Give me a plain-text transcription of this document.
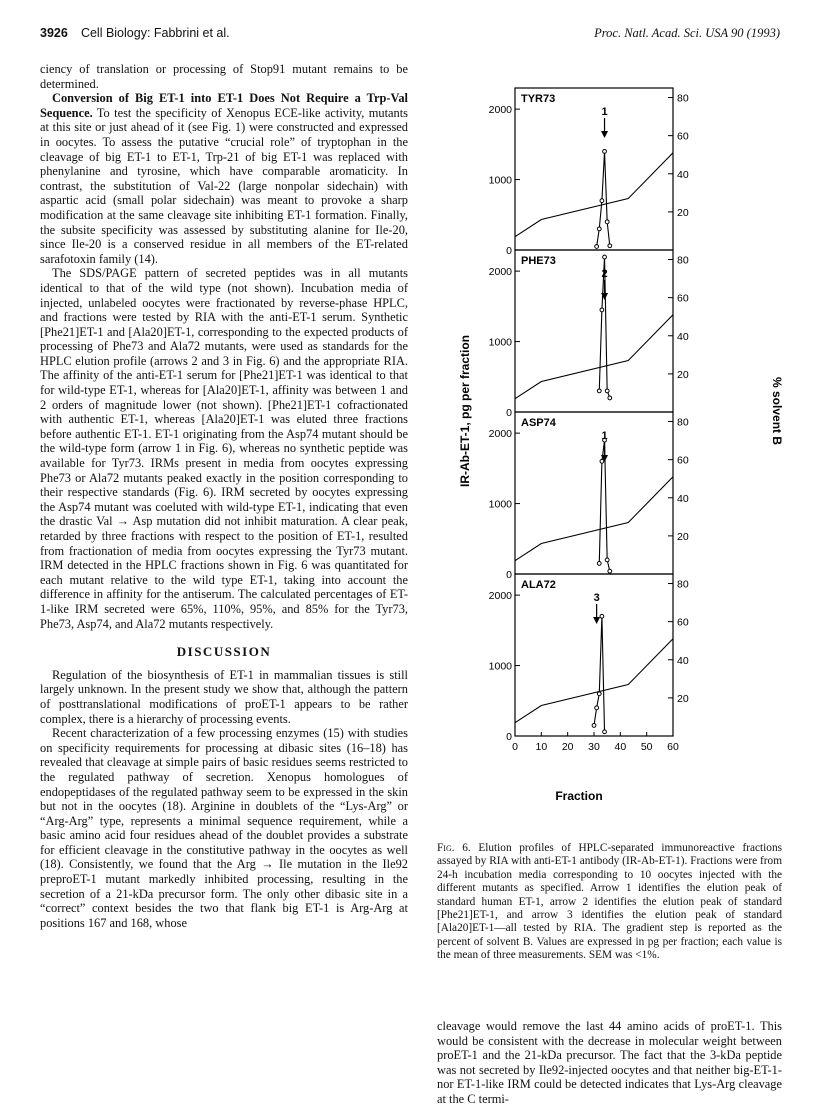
3926 Cell Biology: Fabbrini et al.	Proc. Natl. Acad. Sci. USA 90 (1993)

ciency of translation or processing of Stop91 mutant remains to be determined.

Conversion of Big ET-1 into ET-1 Does Not Require a Trp-Val Sequence. To test the specificity of Xenopus ECE-like activity, mutants at this site or just ahead of it (see Fig. 1) were constructed and expressed in oocytes. To assess the putative “crucial role” of tryptophan in the cleavage of big ET-1 to ET-1, Trp-21 of big ET-1 was replaced with phenylanine and tyrosine, which have comparable aromaticity. In contrast, the substitution of Val-22 (large nonpolar sidechain) with aspartic acid (small polar sidechain) was meant to provoke a sharp modification at the same cleavage site inhibiting ET-1 formation. Finally, the subsite specificity was assessed by substituting alanine for Ile-20, since Ile-20 is a conserved residue in all members of the ET-related sarafotoxin family (14).

The SDS/PAGE pattern of secreted peptides was in all mutants identical to that of the wild type (not shown). Incubation media of injected, unlabeled oocytes were fractionated by reverse-phase HPLC, and fractions were tested by RIA with the anti-ET-1 serum. Synthetic [Phe21]ET-1 and [Ala20]ET-1, corresponding to the expected products of processing of Phe73 and Ala72 mutants, were used as standards for the HPLC elution profile (arrows 2 and 3 in Fig. 6) and the appropriate RIA. The affinity of the anti-ET-1 serum for [Phe21]ET-1 was identical to that for wild-type ET-1, whereas for [Ala20]ET-1, affinity was between 1 and 2 orders of magnitude lower (not shown). [Phe21]ET-1 cofractionated with authentic ET-1, whereas [Ala20]ET-1 was eluted three fractions before authentic ET-1. ET-1 originating from the Asp74 mutant should be the wild-type form (arrow 1 in Fig. 6), whereas no synthetic peptide was available for Tyr73. IRMs present in media from oocytes expressing Phe73 or Ala72 mutants peaked exactly in the position corresponding to their respective standards (Fig. 6). IRM secreted by oocytes expressing the Asp74 mutant was coeluted with wild-type ET-1, indicating that even the drastic Val → Asp mutation did not inhibit maturation. A clear peak, retarded by three fractions with respect to the position of ET-1, resulted from fractionation of media from oocytes expressing the Tyr73 mutant. IRM detected in the HPLC fractions shown in Fig. 6 was quantitated for each mutant relative to the wild type ET-1, taking into account the difference in affinity for the antiserum. The calculated percentages of ET-1-like IRM secreted were 65%, 110%, 95%, and 85% for the Tyr73, Phe73, Asp74, and Ala72 mutants respectively.

DISCUSSION

Regulation of the biosynthesis of ET-1 in mammalian tissues is still largely unknown. In the present study we show that, although the pattern of posttranslational modifications of proET-1 appears to be rather complex, there is a hierarchy of processing events.

Recent characterization of a few processing enzymes (15) with studies on specificity requirements for processing at dibasic sites (16–18) has revealed that cleavage at simple pairs of basic residues seems restricted to the regulated pathway of secretion. Xenopus homologues of endopeptidases of the regulated pathway seem to be expressed in the skin but not in the oocytes (18). Arginine in doublets of the “Lys-Arg” or “Arg-Arg” type, represents a minimal sequence requirement, while a basic amino acid four residues ahead of the doublet provides a substrate for efficient cleavage in the constitutive pathway in the oocytes as well (18). Consistently, we found that the Arg → Ile mutation in the Ile92 preproET-1 mutant markedly inhibited processing, resulting in the secretion of a 21-kDa precursor form. The only other dibasic site in a “correct” context besides the two that flank big ET-1 is Arg-Arg at positions 167 and 168, whose

IR-Ab-ET-1, pg per fraction	% solvent B
Fraction
TYR73
0
1000
2000
20
40
60
80
1
PHE73
0
1000
2000
20
40
60
80
2
ASP74
0
1000
2000
20
40
60
80
1
ALA72
0
1000
2000
20
40
60
80
3
0 10 20 30 40 50 60

Fig. 6. Elution profiles of HPLC-separated immunoreactive fractions assayed by RIA with anti-ET-1 antibody (IR-Ab-ET-1). Fractions were from 24-h incubation media corresponding to 10 oocytes injected with the different mutants as specified. Arrow 1 identifies the elution peak of standard human ET-1, arrow 2 identifies the elution peak of standard [Phe21]ET-1, and arrow 3 identifies the elution peak of standard [Ala20]ET-1—all tested by RIA. The gradient step is reported as the percent of solvent B. Values are expressed in pg per fraction; each value is the mean of three measurements. SEM was <1%.

cleavage would remove the last 44 amino acids of proET-1. This would be consistent with the decrease in molecular weight between proET-1 and the 21-kDa precursor. The fact that the 3-kDa peptide was not secreted by Ile92-injected oocytes and that neither big-ET-1- nor ET-1-like IRM could be detected indicates that Lys-Arg cleavage at the C termi-
